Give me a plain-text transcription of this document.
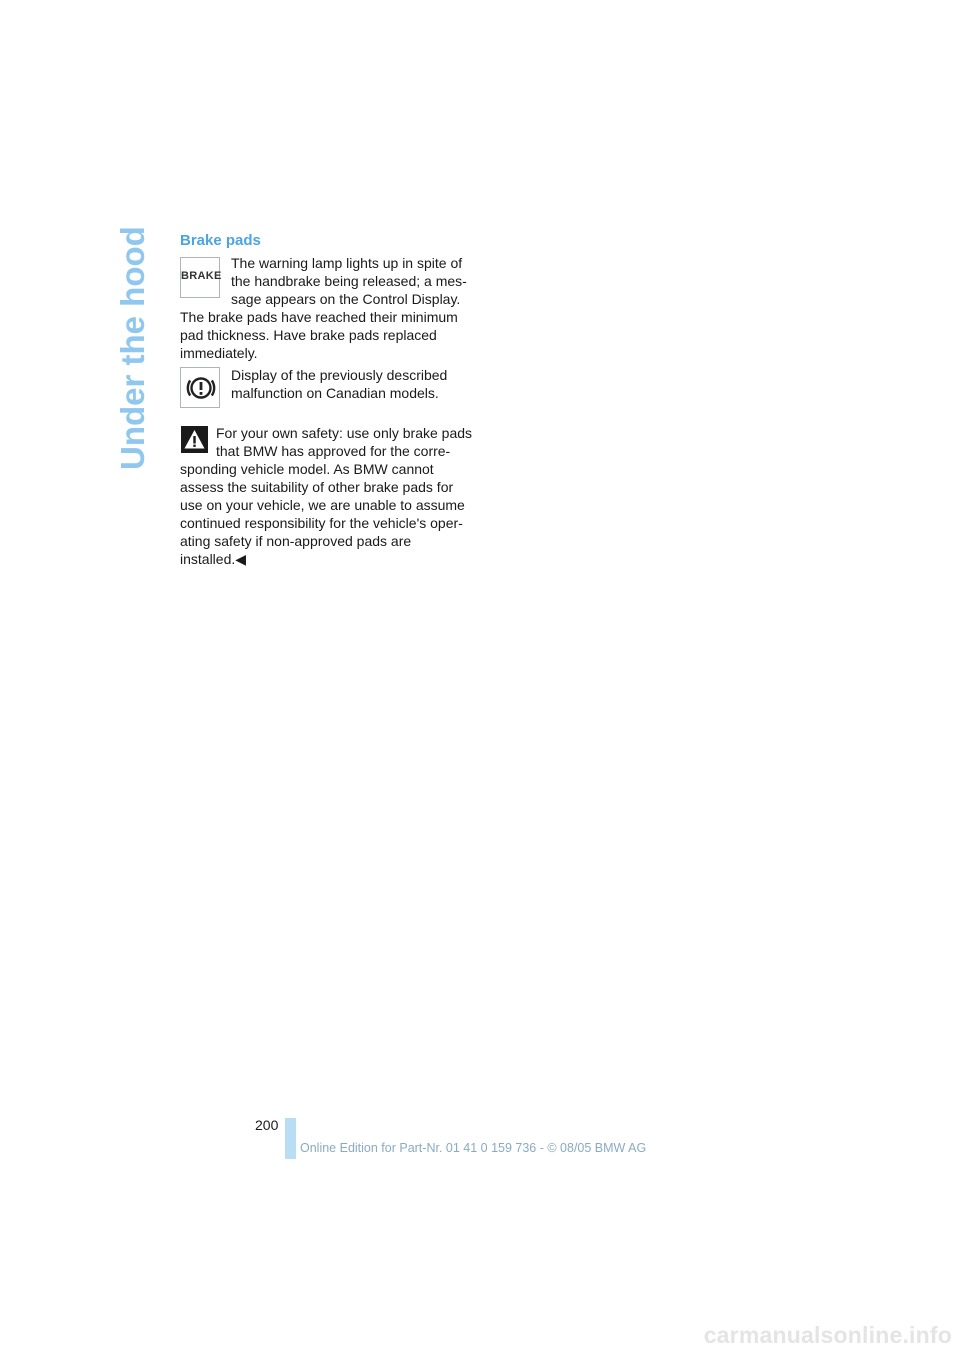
Under the hood Brake pads
BRAKE

The warning lamp lights up in spite of
the handbrake being released; a mes-
sage appears on the Control Display.

The brake pads have reached their minimum
pad thickness. Have brake pads replaced
immediately.

Display of the previously described
malfunction on Canadian models.

For your own safety: use only brake pads
that BMW has approved for the corre-

sponding vehicle model. As BMW cannot
assess the suitability of other brake pads for
use on your vehicle, we are unable to assume
continued responsibility for the vehicle's oper-
ating safety if non-approved pads are
installed.◀

200
Online Edition for Part-Nr. 01 41 0 159 736 - © 08/05 BMW AG
carmanualsonline.info
